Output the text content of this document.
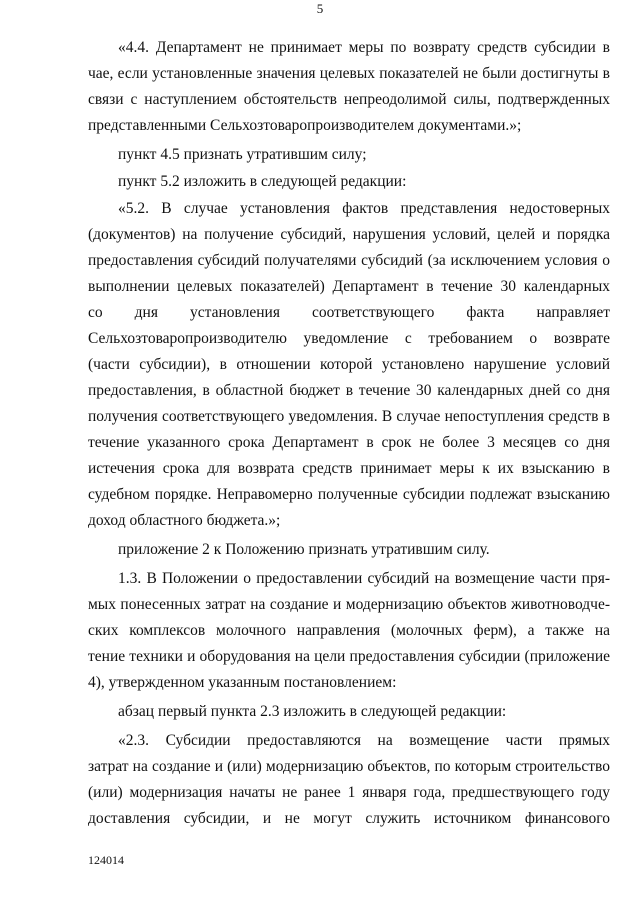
5
«4.4. Департамент не принимает меры по возврату средств субсидии в
чае, если установленные значения целевых показателей не были достигнуты в
связи с наступлением обстоятельств непреодолимой силы, подтвержденных
представленными Сельхозтоваропроизводителем документами.»;
пункт 4.5 признать утратившим силу;
пункт 5.2 изложить в следующей редакции:
«5.2. В случае установления фактов представления недостоверных
(документов) на получение субсидий, нарушения условий, целей и порядка
предоставления субсидий получателями субсидий (за исключением условия о
выполнении целевых показателей) Департамент в течение 30 календарных
со дня установления соответствующего факта направляет
Сельхозтоваропроизводителю уведомление с требованием о возврате
(части субсидии), в отношении которой установлено нарушение условий
предоставления, в областной бюджет в течение 30 календарных дней со дня
получения соответствующего уведомления. В случае непоступления средств в
течение указанного срока Департамент в срок не более 3 месяцев со дня
истечения срока для возврата средств принимает меры к их взысканию в
судебном порядке. Неправомерно полученные субсидии подлежат взысканию
доход областного бюджета.»;
приложение 2 к Положению признать утратившим силу.
1.3. В Положении о предоставлении субсидий на возмещение части пря-
мых понесенных затрат на создание и модернизацию объектов животноводче-
ских комплексов молочного направления (молочных ферм), а также на
тение техники и оборудования на цели предоставления субсидии (приложение
4), утвержденном указанным постановлением:
абзац первый пункта 2.3 изложить в следующей редакции:
«2.3. Субсидии предоставляются на возмещение части прямых
затрат на создание и (или) модернизацию объектов, по которым строительство
(или) модернизация начаты не ранее 1 января года, предшествующего году
доставления субсидии, и не могут служить источником финансового
124014
